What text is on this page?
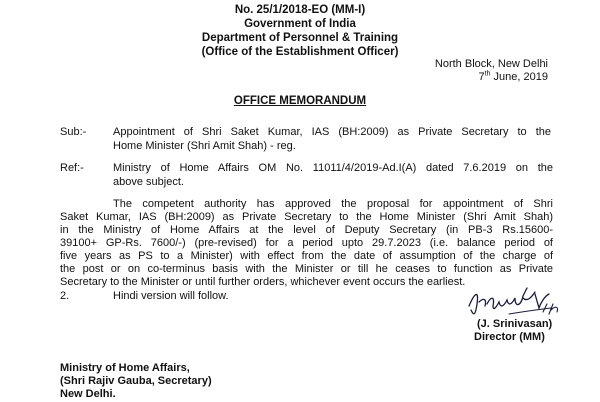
No. 25/1/2018-EO (MM-I)
Government of India
Department of Personnel & Training
(Office of the Establishment Officer)
North Block, New Delhi
7th June, 2019
OFFICE MEMORANDUM
Sub:- Appointment of Shri Saket Kumar, IAS (BH:2009) as Private Secretary to the
Home Minister (Shri Amit Shah) - reg.
Ref:-	Ministry of Home Affairs OM No. 11011/4/2019-Ad.I(A) dated 7.6.2019 on the
above subject.
The competent authority has approved the proposal for appointment of Shri
Saket Kumar, IAS (BH:2009) as Private Secretary to the Home Minister (Shri Amit Shah)
in the Ministry of Home Affairs at the level of Deputy Secretary (in PB-3 Rs.15600-
39100+ GP-Rs. 7600/-) (pre-revised) for a period upto 29.7.2023 (i.e. balance period of
five years as PS to a Minister) with effect from the date of assumption of the charge of
the post or on co-terminus basis with the Minister or till he ceases to function as Private
Secretary to the Minister or until further orders, whichever event occurs the earliest.
2.	Hindi version will follow.
(J. Srinivasan)
Director (MM)
Ministry of Home Affairs,
(Shri Rajiv Gauba, Secretary)
New Delhi.
